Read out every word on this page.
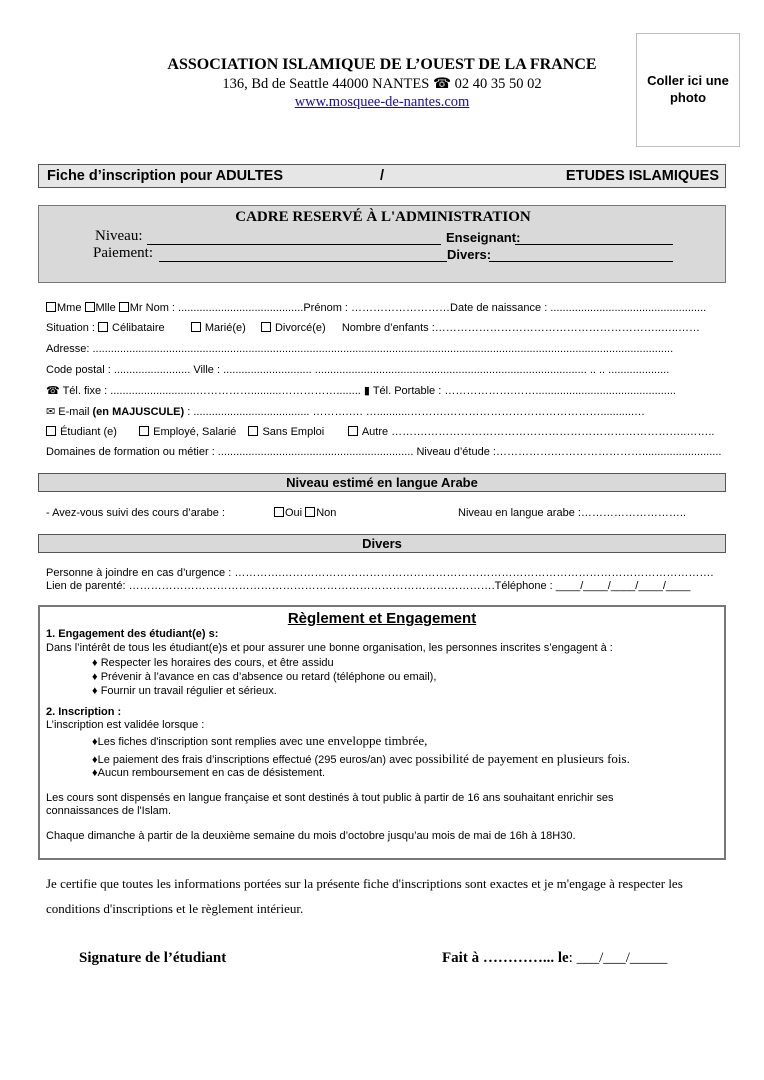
ASSOCIATION ISLAMIQUE DE L’OUEST DE LA FRANCE
136, Bd de Seattle 44000 NANTES ☎ 02 40 35 50 02
www.mosquee-de-nantes.com
Coller ici une photo
Fiche d’inscription pour ADULTES	/	ETUDES ISLAMIQUES
CADRE RESERVÉ À L'ADMINISTRATION
Niveau:	Enseignant:
Paiement:	Divers:
Mme Mlle Mr Nom : .........................................Prénom : ………………………Date de naissance : ...................................................
Situation : Célibataire	Marié(e)	Divorcé(e) Nombre d’enfants :……………………………………………………..…..……
Adresse: ..............................................................................................................................................................................................
Code postal : ......................... Ville : ............................. ......................................................................................... .. .. ....................
☎ Tél. fixe : ............................……………..........……………........ ▮ Tél. Portable : ……………….……..............................................
✉ E-mail (en MAJUSCULE) : ...................................... ……….…. …...........……….……………………………………...........…
Étudiant (e)	Employé, Salarié Sans Emploi	Autre ……….……………………………………………………………..……..
Domaines de formation ou métier : ................................................................ Niveau d’étude :…………….……………………..........................
Niveau estimé en langue Arabe
- Avez-vous suivi des cours d’arabe :	Oui Non	Niveau en langue arabe :………………………..
Divers
Personne à joindre en cas d’urgence : ………….……………………………………………………………………………………………………….
Lien de parenté: ……………………………………………………………………………………….Téléphone : ____/____/____/____/____
Règlement et Engagement
1. Engagement des étudiant(e) s:
Dans l’intérêt de tous les étudiant(e)s et pour assurer une bonne organisation, les personnes inscrites s’engagent à :
♦ Respecter les horaires des cours, et être assidu
♦ Prévenir à l’avance en cas d’absence ou retard (téléphone ou email),
♦ Fournir un travail régulier et sérieux.
2. Inscription :
L’inscription est validée lorsque :
♦Les fiches d'inscription sont remplies avec une enveloppe timbrée,
♦Le paiement des frais d’inscriptions effectué (295 euros/an) avec possibilité de payement en plusieurs fois.
♦Aucun remboursement en cas de désistement.
Les cours sont dispensés en langue française et sont destinés à tout public à partir de 16 ans souhaitant enrichir ses
connaissances de l'Islam.
Chaque dimanche à partir de la deuxième semaine du mois d’octobre jusqu’au mois de mai de 16h à 18H30.
Je certifie que toutes les informations portées sur la présente fiche d'inscriptions sont exactes et je m'engage à respecter les
conditions d'inscriptions et le règlement intérieur.
Signature de l’étudiant	Fait à …………... le: ___/___/_____
